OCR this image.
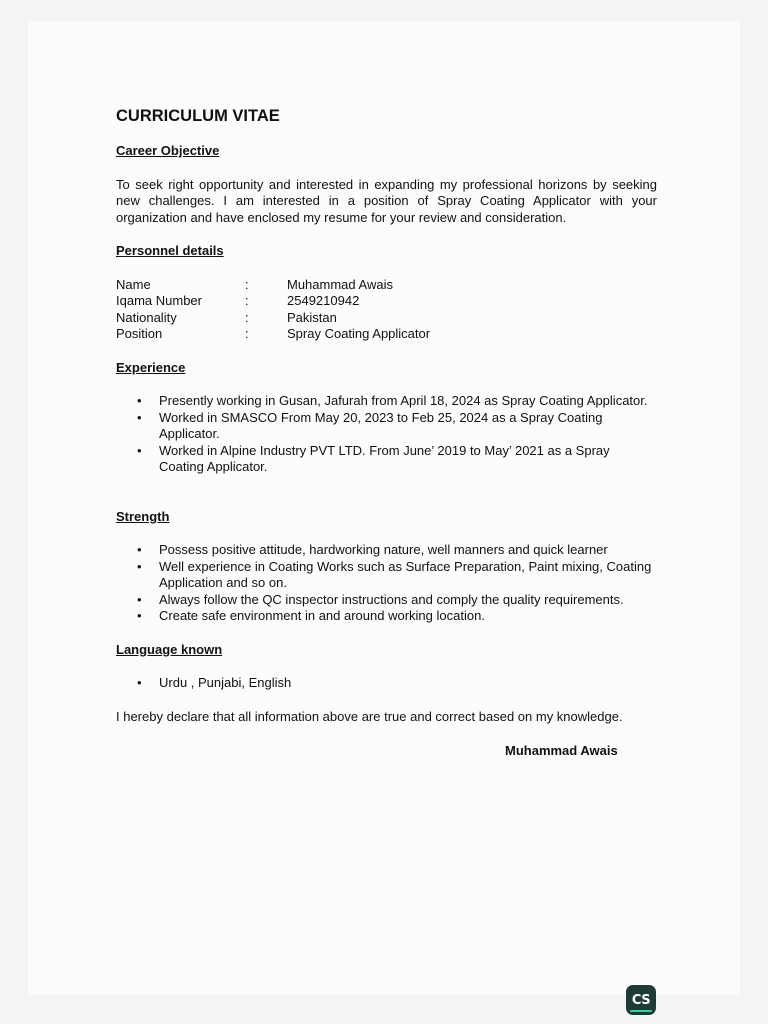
CURRICULUM VITAE
Career Objective

To seek right opportunity and interested in expanding my professional horizons by seeking new challenges. I am interested in a position of Spray Coating Applicator with your organization and have enclosed my resume for your review and consideration.

Personnel details
Name	:	Muhammad Awais
Iqama Number	:	2549210942
Nationality	:	Pakistan
Position	:	Spray Coating Applicator
Experience
• Presently working in Gusan, Jafurah from April 18, 2024 as Spray Coating Applicator.
• Worked in SMASCO From May 20, 2023 to Feb 25, 2024 as a Spray Coating Applicator.
• Worked in Alpine Industry PVT LTD. From June’ 2019 to May’ 2021 as a Spray Coating Applicator.
Strength
• Possess positive attitude, hardworking nature, well manners and quick learner
• Well experience in Coating Works such as Surface Preparation, Paint mixing, Coating Application and so on.
• Always follow the QC inspector instructions and comply the quality requirements.
• Create safe environment in and around working location.
Language known
• Urdu , Punjabi, English

I hereby declare that all information above are true and correct based on my knowledge.

Muhammad Awais
CS
